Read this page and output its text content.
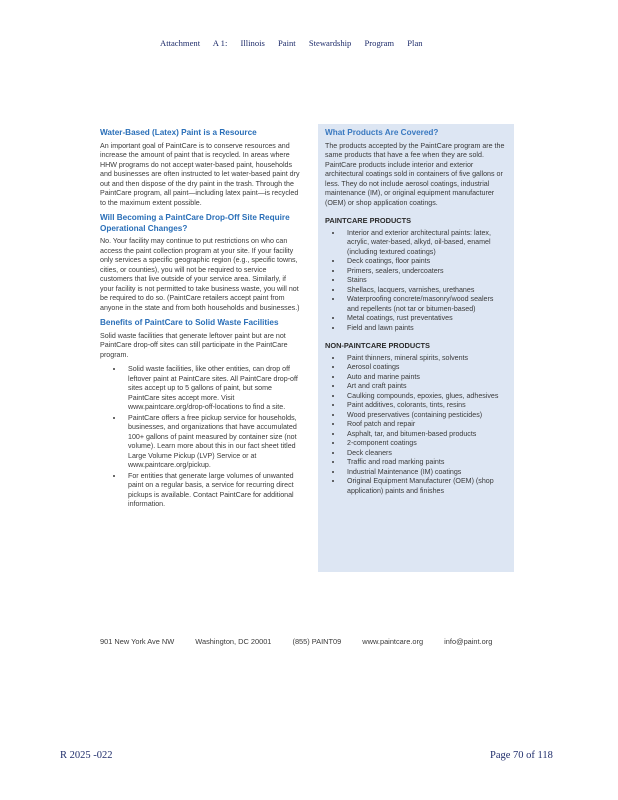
Attachment A 1: Illinois Paint Stewardship Program Plan
Water-Based (Latex) Paint is a Resource

An important goal of PaintCare is to conserve resources and increase the amount of paint that is recycled. In areas where HHW programs do not accept water-based paint, households and businesses are often instructed to let water-based paint dry out and then dispose of the dry paint in the trash. Through the PaintCare program, all paint—including latex paint—is recycled to the maximum extent possible.

Will Becoming a PaintCare Drop-Off Site Require Operational Changes?

No. Your facility may continue to put restrictions on who can access the paint collection program at your site. If your facility only services a specific geographic region (e.g., specific towns, cities, or counties), you will not be required to service customers that live outside of your service area. Similarly, if your facility is not permitted to take business waste, you will not be required to do so. (PaintCare retailers accept paint from anyone in the state and from both households and businesses.)

Benefits of PaintCare to Solid Waste Facilities

Solid waste facilities that generate leftover paint but are not PaintCare drop-off sites can still participate in the PaintCare program.

• Solid waste facilities, like other entities, can drop off leftover paint at PaintCare sites. All PaintCare drop-off sites accept up to 5 gallons of paint, but some PaintCare sites accept more. Visit www.paintcare.org/drop-off-locations to find a site.
• PaintCare offers a free pickup service for households, businesses, and organizations that have accumulated 100+ gallons of paint measured by container size (not volume). Learn more about this in our fact sheet titled Large Volume Pickup (LVP) Service or at www.paintcare.org/pickup.
• For entities that generate large volumes of unwanted paint on a regular basis, a service for recurring direct pickups is available. Contact PaintCare for additional information.
What Products Are Covered?

The products accepted by the PaintCare program are the same products that have a fee when they are sold. PaintCare products include interior and exterior architectural coatings sold in containers of five gallons or less. They do not include aerosol coatings, industrial maintenance (IM), or original equipment manufacturer (OEM) or shop application coatings.

PAINTCARE PRODUCTS
• Interior and exterior architectural paints: latex, acrylic, water-based, alkyd, oil-based, enamel (including textured coatings)
• Deck coatings, floor paints
• Primers, sealers, undercoaters
• Stains
• Shellacs, lacquers, varnishes, urethanes
• Waterproofing concrete/masonry/wood sealers and repellents (not tar or bitumen-based)
• Metal coatings, rust preventatives
• Field and lawn paints
NON-PAINTCARE PRODUCTS
• Paint thinners, mineral spirits, solvents
• Aerosol coatings
• Auto and marine paints
• Art and craft paints
• Caulking compounds, epoxies, glues, adhesives
• Paint additives, colorants, tints, resins
• Wood preservatives (containing pesticides)
• Roof patch and repair
• Asphalt, tar, and bitumen-based products
• 2-component coatings
• Deck cleaners
• Traffic and road marking paints
• Industrial Maintenance (IM) coatings
• Original Equipment Manufacturer (OEM) (shop application) paints and finishes
901 New York Ave NW	Washington, DC 20001	(855) PAINT09	www.paintcare.org	info@paint.org
R 2025 -022	Page 70 of 118
